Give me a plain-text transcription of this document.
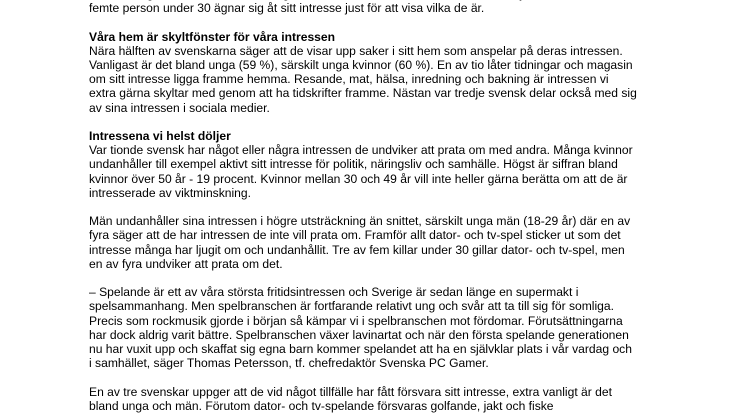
femte person under 30 ägnar sig åt sitt intresse just för att visa vilka de är.
Våra hem är skyltfönster för våra intressen
Nära hälften av svenskarna säger att de visar upp saker i sitt hem som anspelar på deras intressen.
Vanligast är det bland unga (59 %), särskilt unga kvinnor (60 %). En av tio låter tidningar och magasin
om sitt intresse ligga framme hemma. Resande, mat, hälsa, inredning och bakning är intressen vi
extra gärna skyltar med genom att ha tidskrifter framme. Nästan var tredje svensk delar också med sig
av sina intressen i sociala medier.
Intressena vi helst döljer
Var tionde svensk har något eller några intressen de undviker att prata om med andra. Många kvinnor
undanhåller till exempel aktivt sitt intresse för politik, näringsliv och samhälle. Högst är siffran bland
kvinnor över 50 år - 19 procent. Kvinnor mellan 30 och 49 år vill inte heller gärna berätta om att de är
intresserade av viktminskning.
Män undanhåller sina intressen i högre utsträckning än snittet, särskilt unga män (18-29 år) där en av
fyra säger att de har intressen de inte vill prata om. Framför allt dator- och tv-spel sticker ut som det
intresse många har ljugit om och undanhållit. Tre av fem killar under 30 gillar dator- och tv-spel, men
en av fyra undviker att prata om det.
– Spelande är ett av våra största fritidsintressen och Sverige är sedan länge en supermakt i
spelsammanhang. Men spelbranschen är fortfarande relativt ung och svår att ta till sig för somliga.
Precis som rockmusik gjorde i början så kämpar vi i spelbranschen mot fördomar. Förutsättningarna
har dock aldrig varit bättre. Spelbranschen växer lavinartat och när den första spelande generationen
nu har vuxit upp och skaffat sig egna barn kommer spelandet att ha en självklar plats i vår vardag och
i samhället, säger Thomas Petersson, tf. chefredaktör Svenska PC Gamer.
En av tre svenskar uppger att de vid något tillfälle har fått försvara sitt intresse, extra vanligt är det
bland unga och män. Förutom dator- och tv-spelande försvaras golfande, jakt och fiske
